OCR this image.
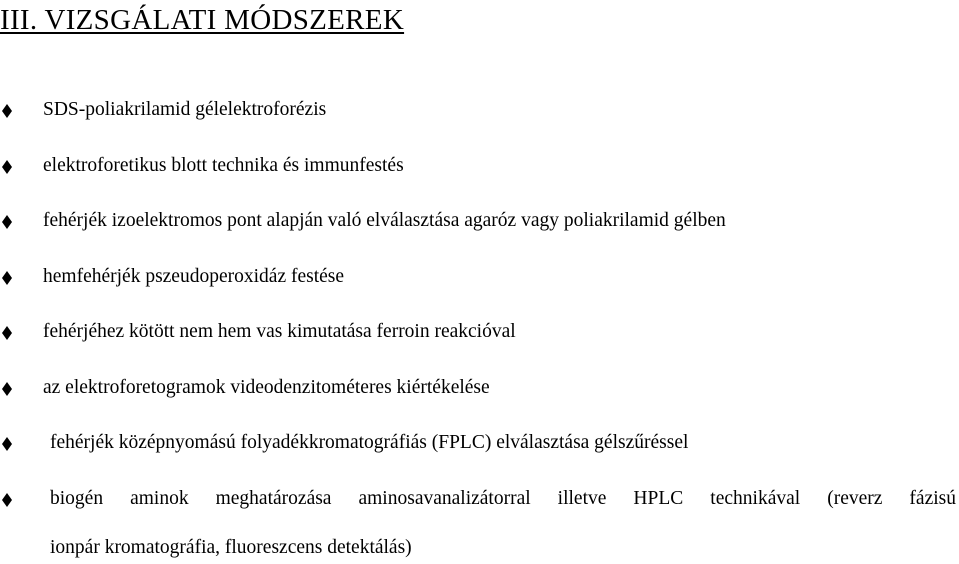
III. VIZSGÁLATI MÓDSZEREK
SDS-poliakrilamid gélelektroforézis
elektroforetikus blott technika és immunfestés
fehérjék izoelektromos pont alapján való elválasztása agaróz vagy poliakrilamid gélben
hemfehérjék pszeudoperoxidáz festése
fehérjéhez kötött nem hem vas kimutatása ferroin reakcióval
az elektroforetogramok videodenzitométeres kiértékelése
fehérjék középnyomású folyadékkromatográfiás (FPLC) elválasztása gélszűréssel
biogén aminok meghatározása aminosavanalizátorral illetve HPLC technikával (reverz fázisú
ionpár kromatográfia, fluoreszcens detektálás)
